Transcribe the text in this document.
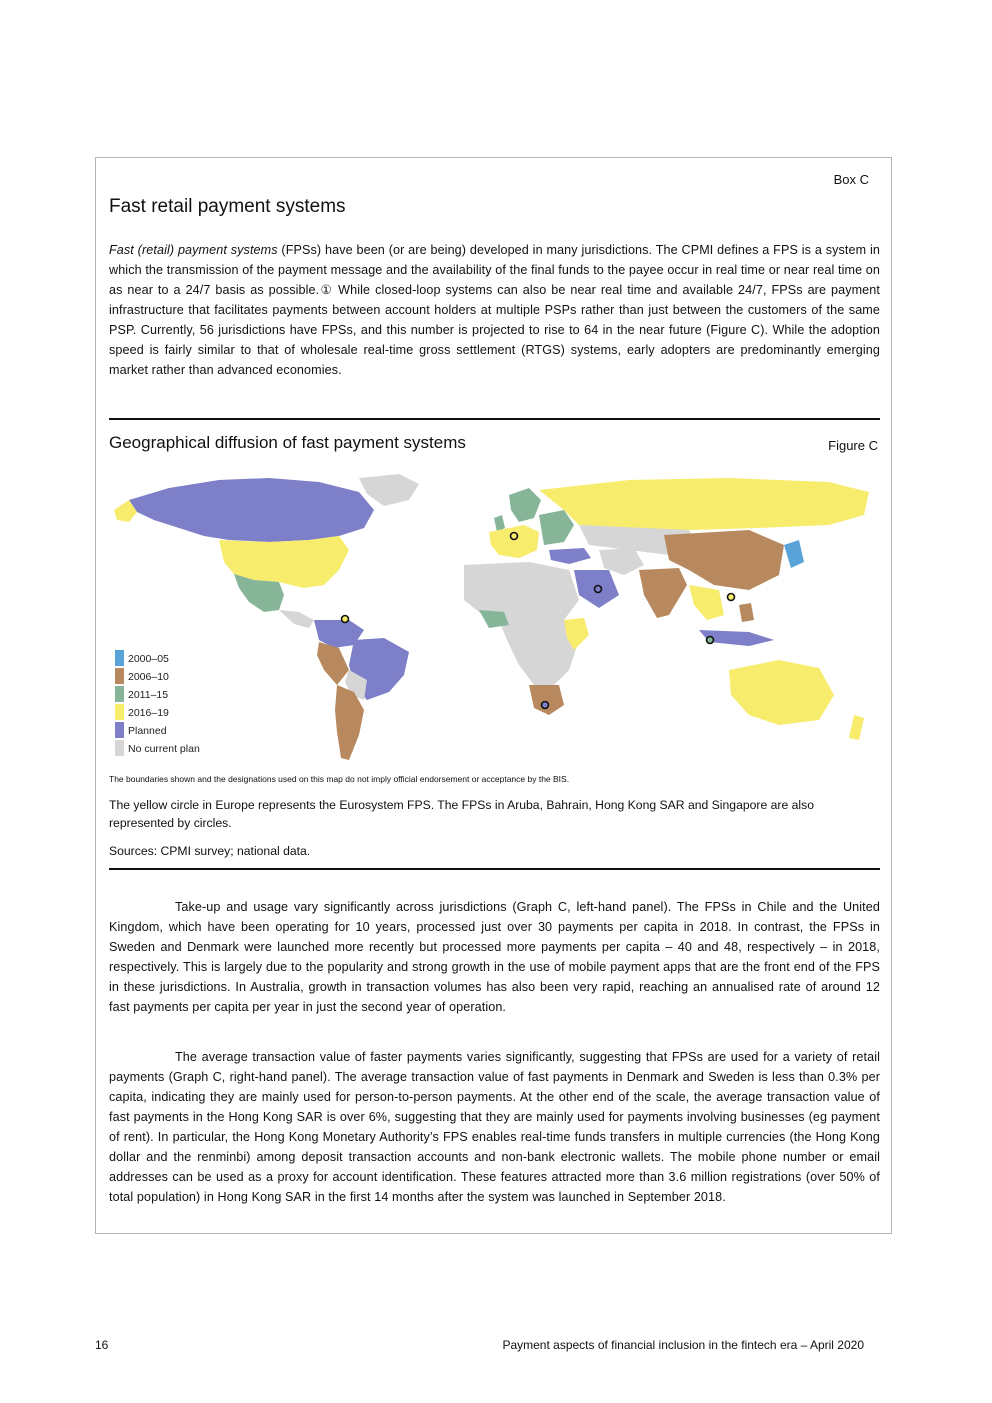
Box C
Fast retail payment systems

Fast (retail) payment systems (FPSs) have been (or are being) developed in many jurisdictions. The CPMI defines a FPS is a system in which the transmission of the payment message and the availability of the final funds to the payee occur in real time or near real time on as near to a 24/7 basis as possible.① While closed-loop systems can also be near real time and available 24/7, FPSs are payment infrastructure that facilitates payments between account holders at multiple PSPs rather than just between the customers of the same PSP. Currently, 56 jurisdictions have FPSs, and this number is projected to rise to 64 in the near future (Figure C). While the adoption speed is fairly similar to that of wholesale real-time gross settlement (RTGS) systems, early adopters are predominantly emerging market rather than advanced economies.

Geographical diffusion of fast payment systems	Figure C
2000–05
2006–10
2011–15
2016–19
Planned
No current plan
The boundaries shown and the designations used on this map do not imply official endorsement or acceptance by the BIS.

The yellow circle in Europe represents the Eurosystem FPS. The FPSs in Aruba, Bahrain, Hong Kong SAR and Singapore are also represented by circles.

Sources: CPMI survey; national data.

Take-up and usage vary significantly across jurisdictions (Graph C, left-hand panel). The FPSs in Chile and the United Kingdom, which have been operating for 10 years, processed just over 30 payments per capita in 2018. In contrast, the FPSs in Sweden and Denmark were launched more recently but processed more payments per capita – 40 and 48, respectively – in 2018, respectively. This is largely due to the popularity and strong growth in the use of mobile payment apps that are the front end of the FPS in these jurisdictions. In Australia, growth in transaction volumes has also been very rapid, reaching an annualised rate of around 12 fast payments per capita per year in just the second year of operation.

The average transaction value of faster payments varies significantly, suggesting that FPSs are used for a variety of retail payments (Graph C, right-hand panel). The average transaction value of fast payments in Denmark and Sweden is less than 0.3% per capita, indicating they are mainly used for person-to-person payments. At the other end of the scale, the average transaction value of fast payments in the Hong Kong SAR is over 6%, suggesting that they are mainly used for payments involving businesses (eg payment of rent). In particular, the Hong Kong Monetary Authority’s FPS enables real-time funds transfers in multiple currencies (the Hong Kong dollar and the renminbi) among deposit transaction accounts and non-bank electronic wallets. The mobile phone number or email addresses can be used as a proxy for account identification. These features attracted more than 3.6 million registrations (over 50% of total population) in Hong Kong SAR in the first 14 months after the system was launched in September 2018.

16	Payment aspects of financial inclusion in the fintech era – April 2020
